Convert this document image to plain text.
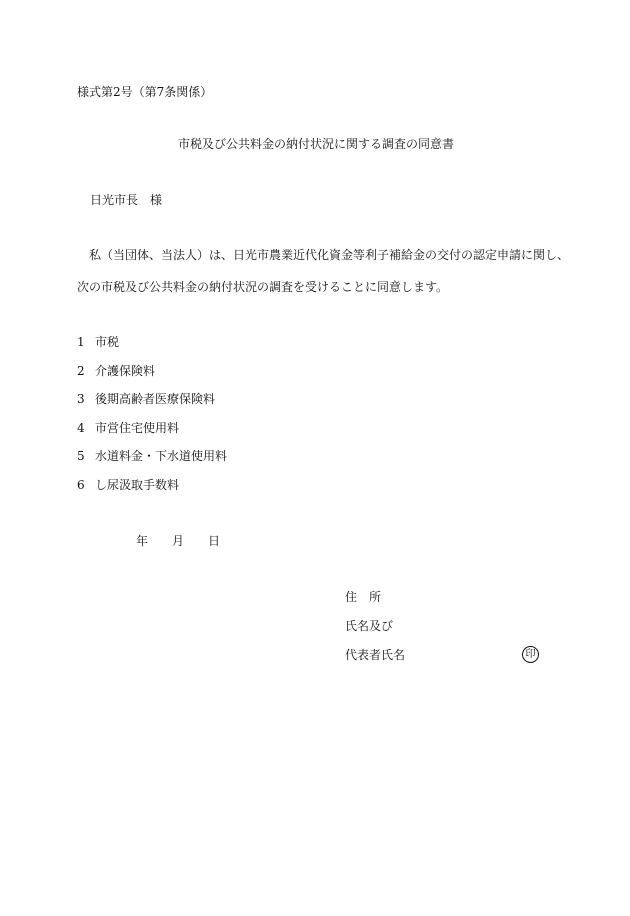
様式第2号（第7条関係）
市税及び公共料金の納付状況に関する調査の同意書
日光市長 様
私（当団体、当法人）は、日光市農業近代化資金等利子補給金の交付の認定申請に関し、
次の市税及び公共料金の納付状況の調査を受けることに同意します。
1 市税
2 介護保険料
3 後期高齢者医療保険料
4 市営住宅使用料
5 水道料金・下水道使用料
6 し尿汲取手数料
年 月 日
住 所
氏名及び
代表者氏名	印
